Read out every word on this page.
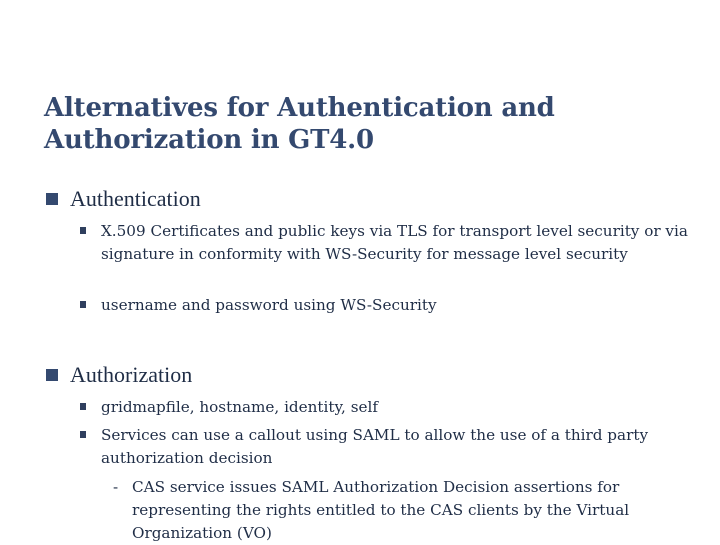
Alternatives for Authentication and
Authorization in GT4.0
Authentication
X.509 Certificates and public keys via TLS for transport level security or via signature in conformity with WS-Security for message level security
username and password using WS-Security
Authorization
gridmapfile, hostname, identity, self
Services can use a callout using SAML to allow the use of a third party authorization decision
- CAS service issues SAML Authorization Decision assertions for representing the rights entitled to the CAS clients by the Virtual Organization (VO)
